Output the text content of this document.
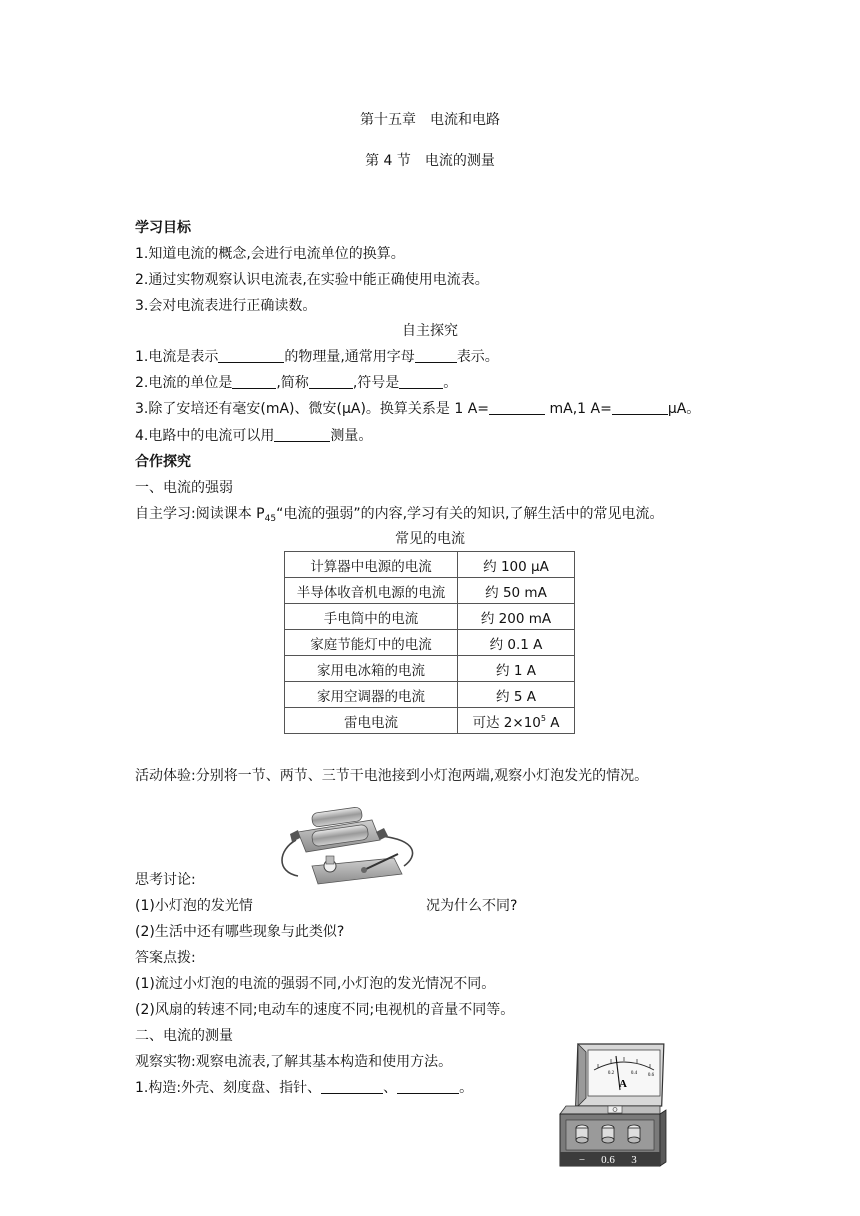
第十五章　电流和电路
第 4 节　电流的测量
学习目标
1.知道电流的概念,会进行电流单位的换算。
2.通过实物观察认识电流表,在实验中能正确使用电流表。
3.会对电流表进行正确读数。
自主探究
1.电流是表示	的物理量,通常用字母	表示。
2.电流的单位是	,简称	,符号是	。
3.除了安培还有毫安(mA)、微安(μA)。换算关系是 1 A=	mA,1 A=	μA。
4.电路中的电流可以用	测量。
合作探究
一、电流的强弱
自主学习:阅读课本 $P_{45}“$电流的强弱”的内容,学习有关的知识,了解生活中的常见电流。
常见的电流
计算器中电源的电流	约 100 μA
半导体收音机电源的电流	约 50 mA
手电筒中的电流	约 200 mA
家庭节能灯中的电流	约 0.1 A
家用电冰箱的电流	约 1 A
家用空调器的电流	约 5 A
雷电电流	可达 $2\times 10^5$ A
活动体验:分别将一节、两节、三节干电池接到小灯泡两端,观察小灯泡发光的情况。
思考讨论:
(1)小灯泡的发光情	况为什么不同?
(2)生活中还有哪些现象与此类似?
答案点拨:
(1)流过小灯泡的电流的强弱不同,小灯泡的发光情况不同。
(2)风扇的转速不同;电动车的速度不同;电视机的音量不同等。
二、电流的测量
观察实物:观察电流表,了解其基本构造和使用方法。
1.构造:外壳、刻度盘、指针、	、	。
0.2	0.4 0.6
A
− 0.6 3
